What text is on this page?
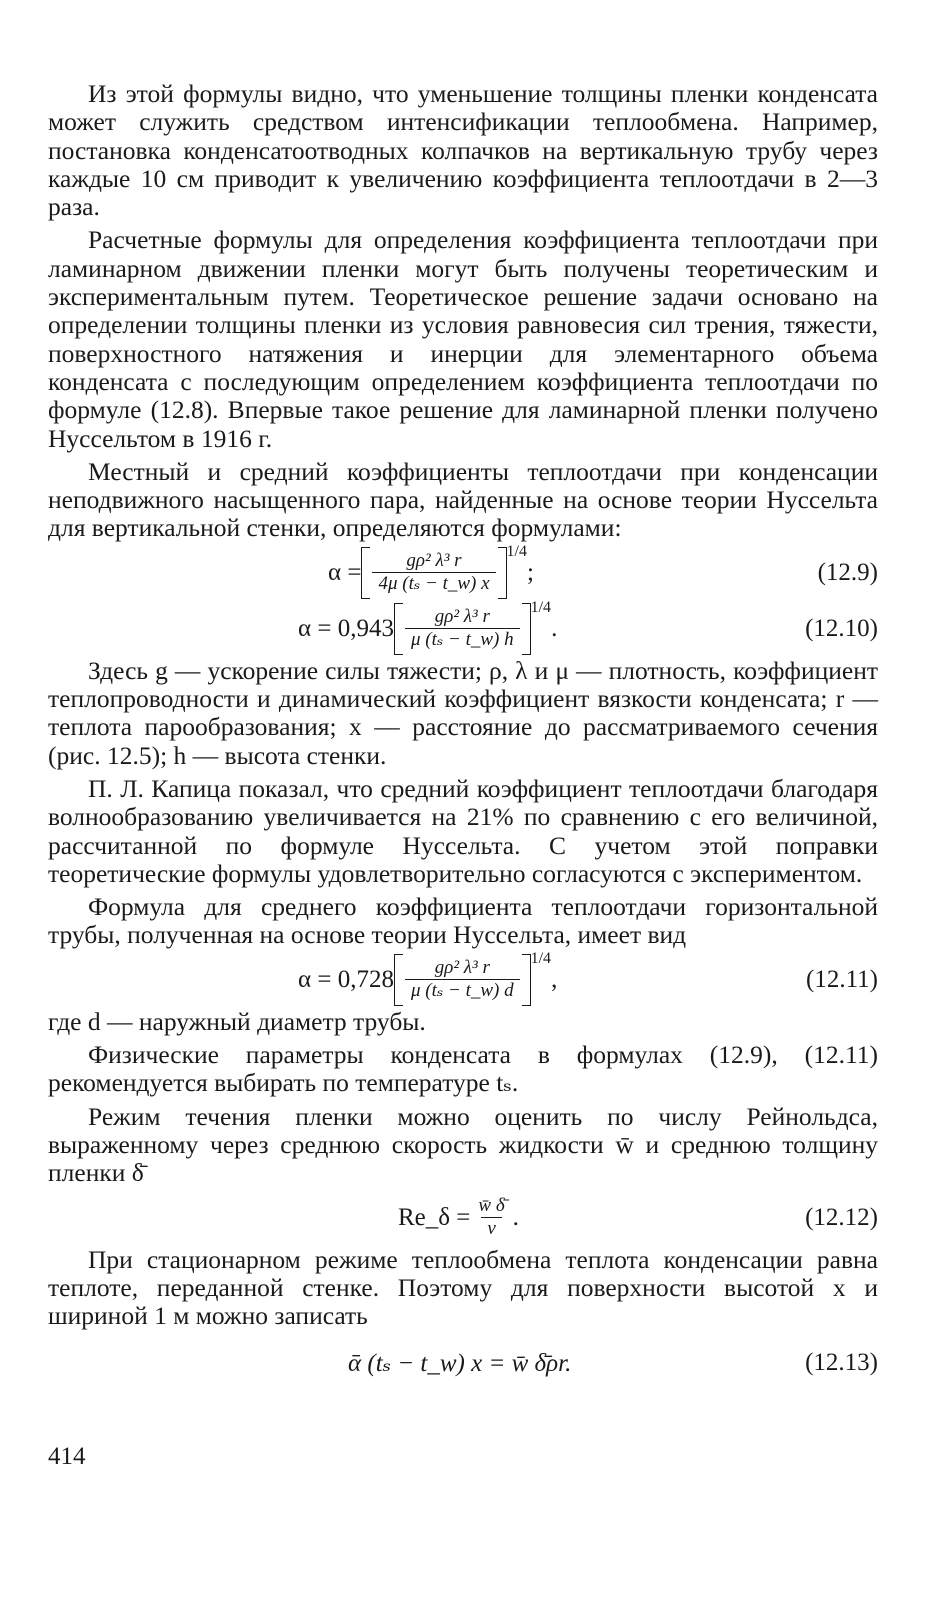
Из этой формулы видно, что уменьшение толщины пленки конденсата может служить средством интенсификации теплообмена. Например, постановка конденсатоотводных колпачков на вертикальную трубу через каждые 10 см приводит к увеличению коэффициента теплоотдачи в 2—3 раза.

Расчетные формулы для определения коэффициента теплоотдачи при ламинарном движении пленки могут быть получены теоретическим и экспериментальным путем. Теоретическое решение задачи основано на определении толщины пленки из условия равновесия сил трения, тяжести, поверхностного натяжения и инерции для элементарного объема конденсата с последующим определением коэффициента теплоотдачи по формуле (12.8). Впервые такое решение для ламинарной пленки получено Нуссельтом в 1916 г.

Местный и средний коэффициенты теплоотдачи при конденсации неподвижного насыщенного пара, найденные на основе теории Нуссельта для вертикальной стенки, определяются формулами:

$\alpha = \frac{\text{gρ² λ³ r}}{\text{4μ (tₛ − t\_w) x}} 1/4$
;	(12.9)
$\alpha = 0,943 \frac{\text{gρ² λ³ r}}{\text{μ (tₛ − t\_w) h}} 1/4$
.	(12.10)

Здесь g — ускорение силы тяжести; ρ, λ и μ — плотность, коэффициент теплопроводности и динамический коэффициент вязкости конденсата; r — теплота парообразования; x — расстояние до рассматриваемого сечения (рис. 12.5); h — высота стенки.

П. Л. Капица показал, что средний коэффициент теплоотдачи благодаря волнообразованию увеличивается на 21% по сравнению с его величиной, рассчитанной по формуле Нуссельта. С учетом этой поправки теоретические формулы удовлетворительно согласуются с экспериментом.

Формула для среднего коэффициента теплоотдачи горизонтальной трубы, полученная на основе теории Нуссельта, имеет вид

$\alpha = 0,728 \frac{\text{gρ² λ³ r}}{\text{μ (tₛ − t\_w) d}} 1/4$
,	(12.11)

где d — наружный диаметр трубы.

Физические параметры конденсата в формулах (12.9), (12.11) рекомендуется выбирать по температуре tₛ.

Режим течения пленки можно оценить по числу Рейнольдса, выраженному через среднюю скорость жидкости w̄ и среднюю толщину пленки δ̄

Re_δ = $\frac{w̄ \deltā}{\nu}$ .	(12.12)

При стационарном режиме теплообмена теплота конденсации равна теплоте, переданной стенке. Поэтому для поверхности высотой x и шириной 1 м можно записать

ᾱ (tₛ − t_w) x = w̄ δ̄ρr.	(12.13)
414
